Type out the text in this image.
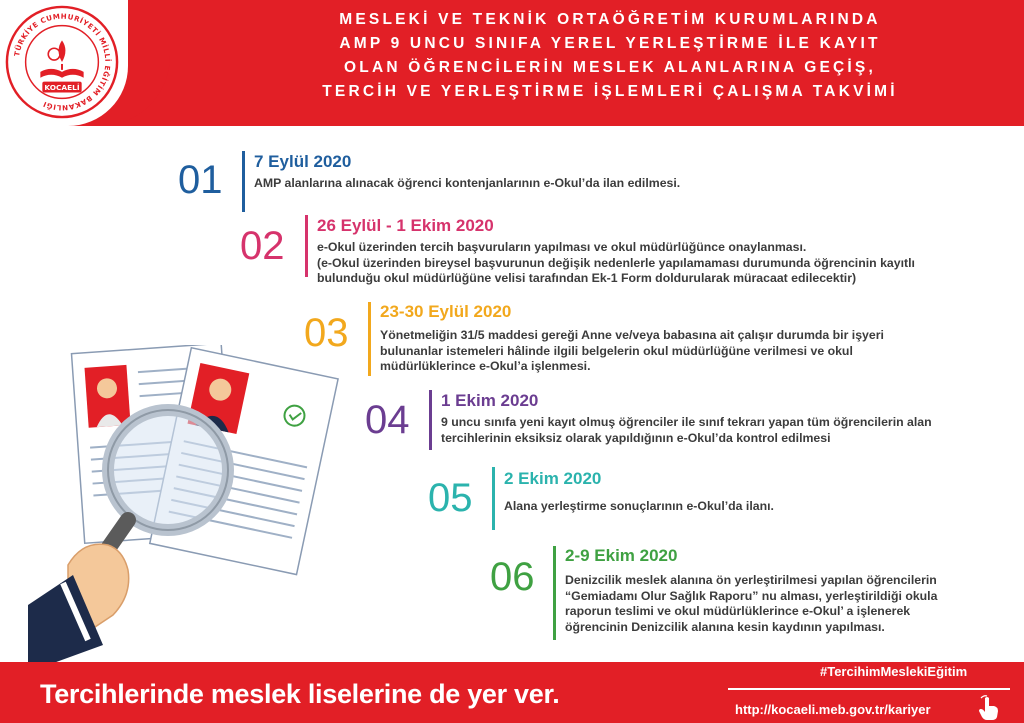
TÜRKİYE CUMHURİYETİ MİLLİ EĞİTİM BAKANLIĞI
KOCAELİ
MESLEKİ VE TEKNİK ORTAÖĞRETİM KURUMLARINDA
AMP 9 UNCU SINIFA YEREL YERLEŞTİRME İLE KAYIT
OLAN ÖĞRENCİLERİN MESLEK ALANLARINA GEÇİŞ,
TERCİH VE YERLEŞTİRME İŞLEMLERİ ÇALIŞMA TAKVİMİ
01 7 Eylül 2020
AMP alanlarına alınacak öğrenci kontenjanlarının e-Okul’da ilan edilmesi.
02 26 Eylül - 1 Ekim 2020
e-Okul üzerinden tercih başvuruların yapılması ve okul müdürlüğünce onaylanması.
(e-Okul üzerinden bireysel başvurunun değişik nedenlerle yapılamaması durumunda öğrencinin kayıtlı
bulunduğu okul müdürlüğüne velisi tarafından Ek-1 Form doldurularak müracaat edilecektir)
03 23-30 Eylül 2020
Yönetmeliğin 31/5 maddesi gereği Anne ve/veya babasına ait çalışır durumda bir işyeri
bulunanlar istemeleri hâlinde ilgili belgelerin okul müdürlüğüne verilmesi ve okul
müdürlüklerince e-Okul’a işlenmesi.
04 1 Ekim 2020
9 uncu sınıfa yeni kayıt olmuş öğrenciler ile sınıf tekrarı yapan tüm öğrencilerin alan
tercihlerinin eksiksiz olarak yapıldığının e-Okul’da kontrol edilmesi
05 2 Ekim 2020
Alana yerleştirme sonuçlarının e-Okul’da ilanı.
06 2-9 Ekim 2020
Denizcilik meslek alanına ön yerleştirilmesi yapılan öğrencilerin
“Gemiadamı Olur Sağlık Raporu” nu alması, yerleştirildiği okula
raporun teslimi ve okul müdürlüklerince e-Okul’ a işlenerek
öğrencinin Denizcilik alanına kesin kaydının yapılması.
Tercihlerinde meslek liselerine de yer ver.
#TercihimMeslekiEğitim
http://kocaeli.meb.gov.tr/kariyer
